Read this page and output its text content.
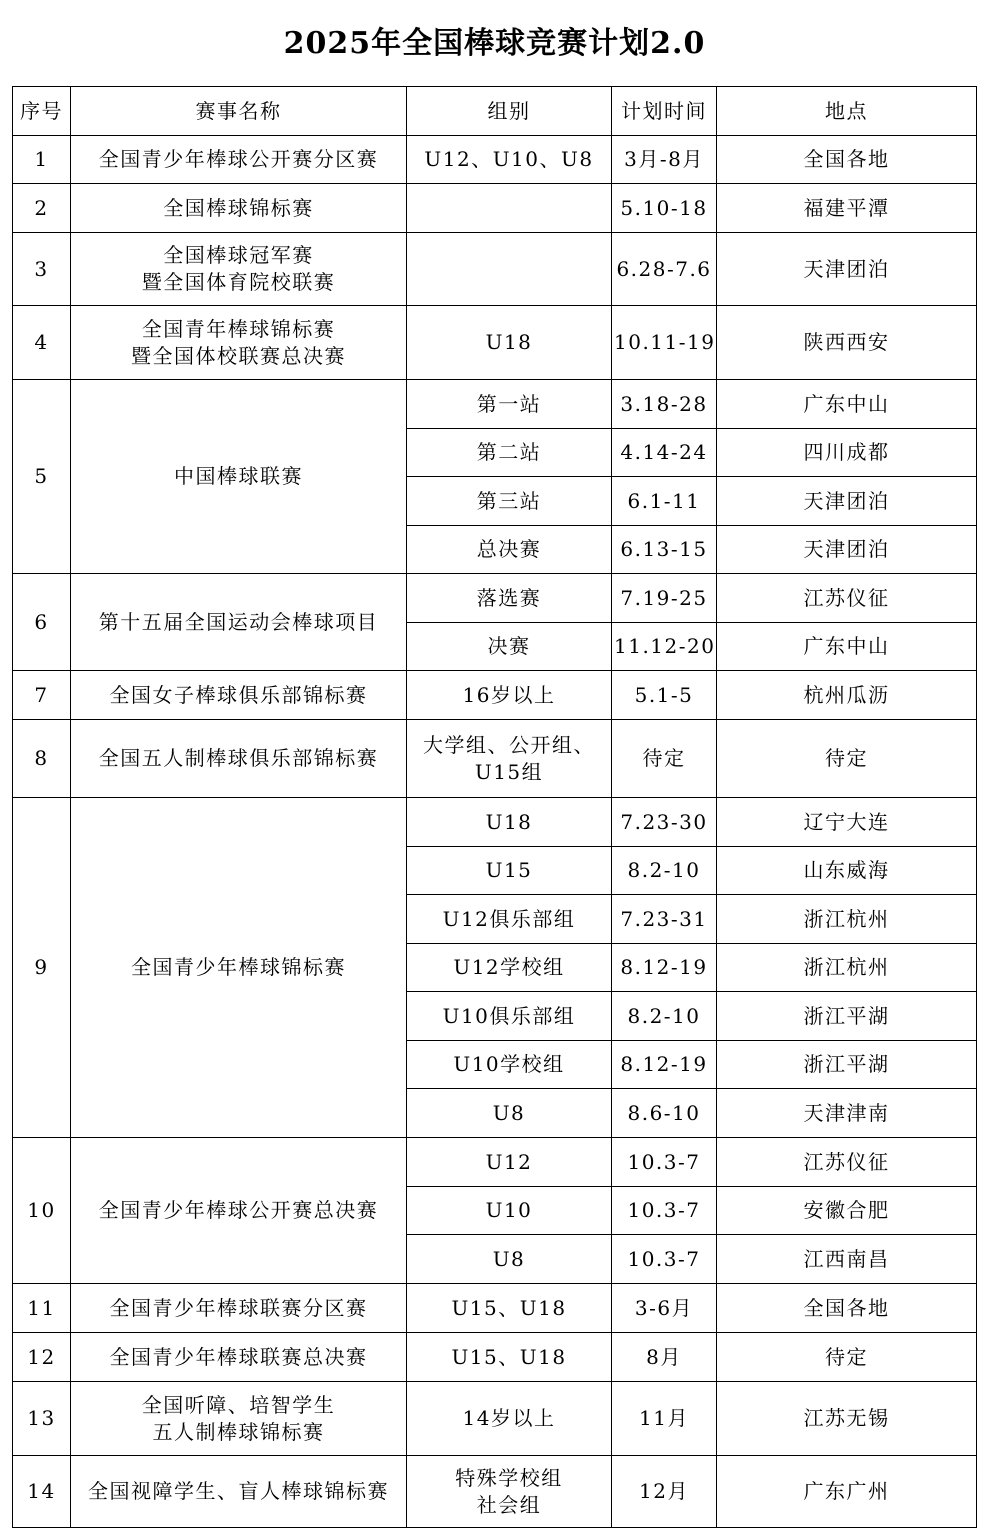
2025年全国棒球竞赛计划2.0
序号	赛事名称	组别	计划时间	地点
1	全国青少年棒球公开赛分区赛	U12、U10、U8	3月-8月	全国各地
2	全国棒球锦标赛		5.10-18	福建平潭
3	全国棒球冠军赛
暨全国体育院校联赛		6.28-7.6	天津团泊
4	全国青年棒球锦标赛
暨全国体校联赛总决赛	U18	10.11-19	陕西西安
5	中国棒球联赛	第一站	3.18-28	广东中山
		第二站	4.14-24	四川成都
		第三站	6.1-11	天津团泊
		总决赛	6.13-15	天津团泊
6	第十五届全国运动会棒球项目	落选赛	7.19-25	江苏仪征
		决赛	11.12-20	广东中山
7	全国女子棒球俱乐部锦标赛	16岁以上	5.1-5	杭州瓜沥
8	全国五人制棒球俱乐部锦标赛	大学组、公开组、
U15组	待定	待定
9	全国青少年棒球锦标赛	U18	7.23-30	辽宁大连
		U15	8.2-10	山东威海
		U12俱乐部组	7.23-31	浙江杭州
		U12学校组	8.12-19	浙江杭州
		U10俱乐部组	8.2-10	浙江平湖
		U10学校组	8.12-19	浙江平湖
		U8	8.6-10	天津津南
10	全国青少年棒球公开赛总决赛	U12	10.3-7	江苏仪征
		U10	10.3-7	安徽合肥
		U8	10.3-7	江西南昌
11	全国青少年棒球联赛分区赛	U15、U18	3-6月	全国各地
12	全国青少年棒球联赛总决赛	U15、U18	8月	待定
13	全国听障、培智学生
五人制棒球锦标赛	14岁以上	11月	江苏无锡
14	全国视障学生、盲人棒球锦标赛	特殊学校组
社会组	12月	广东广州
